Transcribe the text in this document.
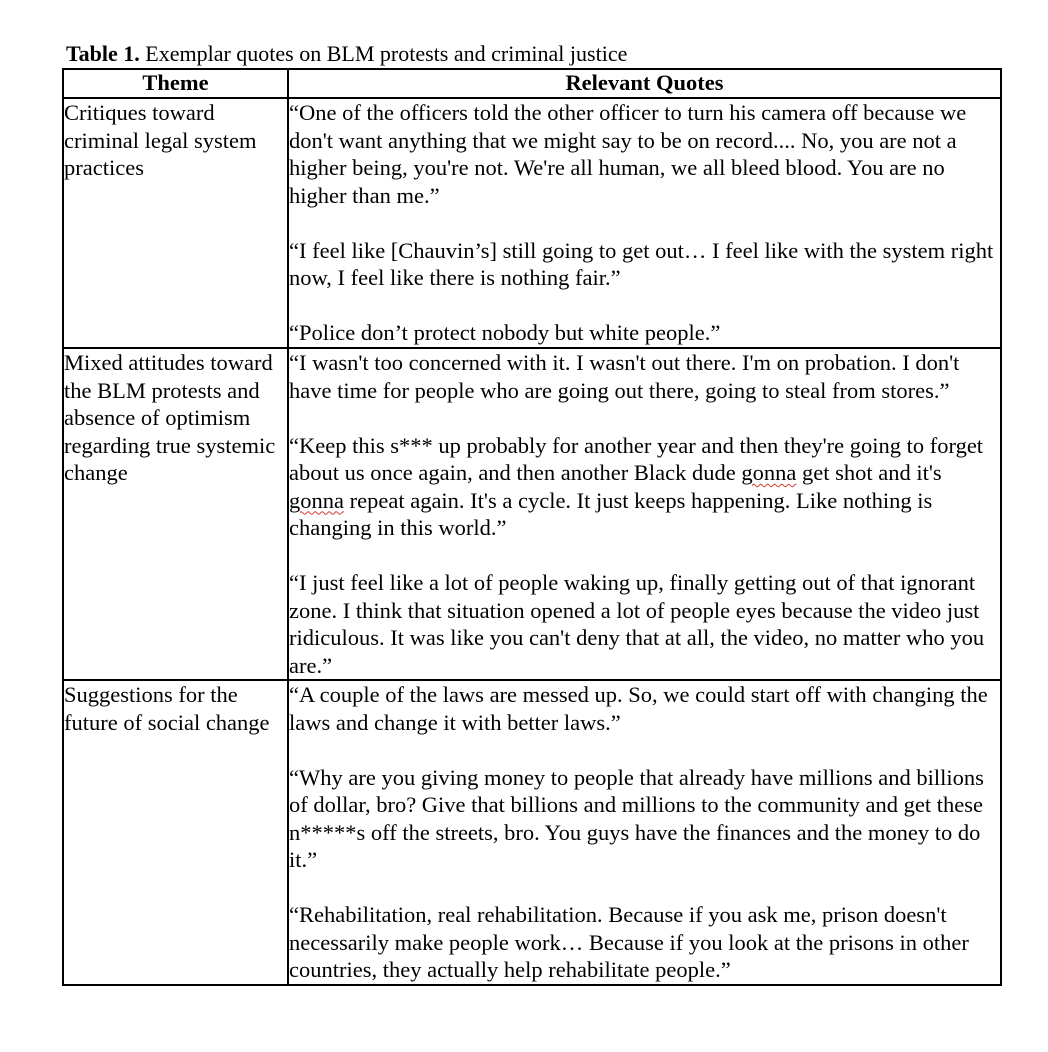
Table 1. Exemplar quotes on BLM protests and criminal justice
Theme	Relevant Quotes
Critiques toward criminal legal system practices	“One of the officers told the other officer to turn his camera off because we don't want anything that we might say to be on record.... No, you are not a higher being, you're not. We're all human, we all bleed blood. You are no higher than me.”

“I feel like [Chauvin’s] still going to get out… I feel like with the system right now, I feel like there is nothing fair.”

“Police don’t protect nobody but white people.”

Mixed attitudes toward the BLM protests and absence of optimism regarding true systemic change	“I wasn't too concerned with it. I wasn't out there. I'm on probation. I don't have time for people who are going out there, going to steal from stores.”

“Keep this s*** up probably for another year and then they're going to forget about us once again, and then another Black dude gonna get shot and it's gonna repeat again. It's a cycle. It just keeps happening. Like nothing is changing in this world.”

“I just feel like a lot of people waking up, finally getting out of that ignorant zone. I think that situation opened a lot of people eyes because the video just ridiculous. It was like you can't deny that at all, the video, no matter who you are.”

Suggestions for the future of social change	“A couple of the laws are messed up. So, we could start off with changing the laws and change it with better laws.”

“Why are you giving money to people that already have millions and billions of dollar, bro? Give that billions and millions to the community and get these n*****s off the streets, bro. You guys have the finances and the money to do it.”

“Rehabilitation, real rehabilitation. Because if you ask me, prison doesn't necessarily make people work… Because if you look at the prisons in other countries, they actually help rehabilitate people.”
